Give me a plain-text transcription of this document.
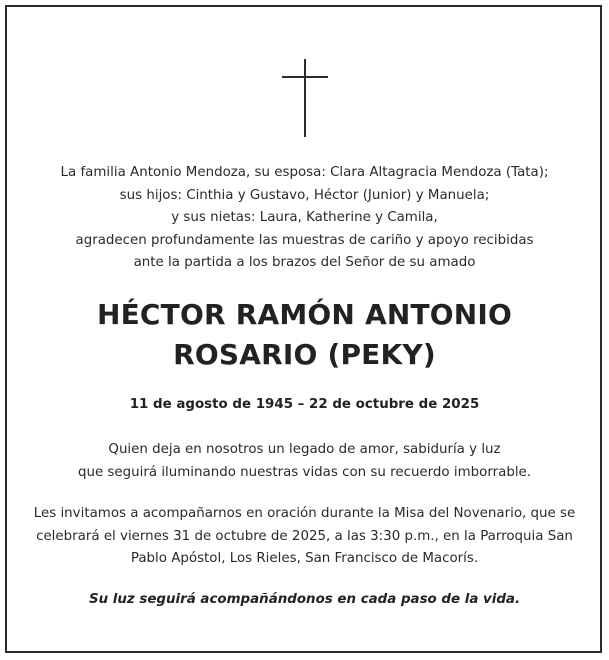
La familia Antonio Mendoza, su esposa: Clara Altagracia Mendoza (Tata);
sus hijos: Cinthia y Gustavo, Héctor (Junior) y Manuela;
y sus nietas: Laura, Katherine y Camila,
agradecen profundamente las muestras de cariño y apoyo recibidas
ante la partida a los brazos del Señor de su amado
HÉCTOR RAMÓN ANTONIO
ROSARIO (PEKY)
11 de agosto de 1945 – 22 de octubre de 2025
Quien deja en nosotros un legado de amor, sabiduría y luz
que seguirá iluminando nuestras vidas con su recuerdo imborrable.
Les invitamos a acompañarnos en oración durante la Misa del Novenario, que se
celebrará el viernes 31 de octubre de 2025, a las 3:30 p.m., en la Parroquia San
Pablo Apóstol, Los Rieles, San Francisco de Macorís.
Su luz seguirá acompañándonos en cada paso de la vida.
